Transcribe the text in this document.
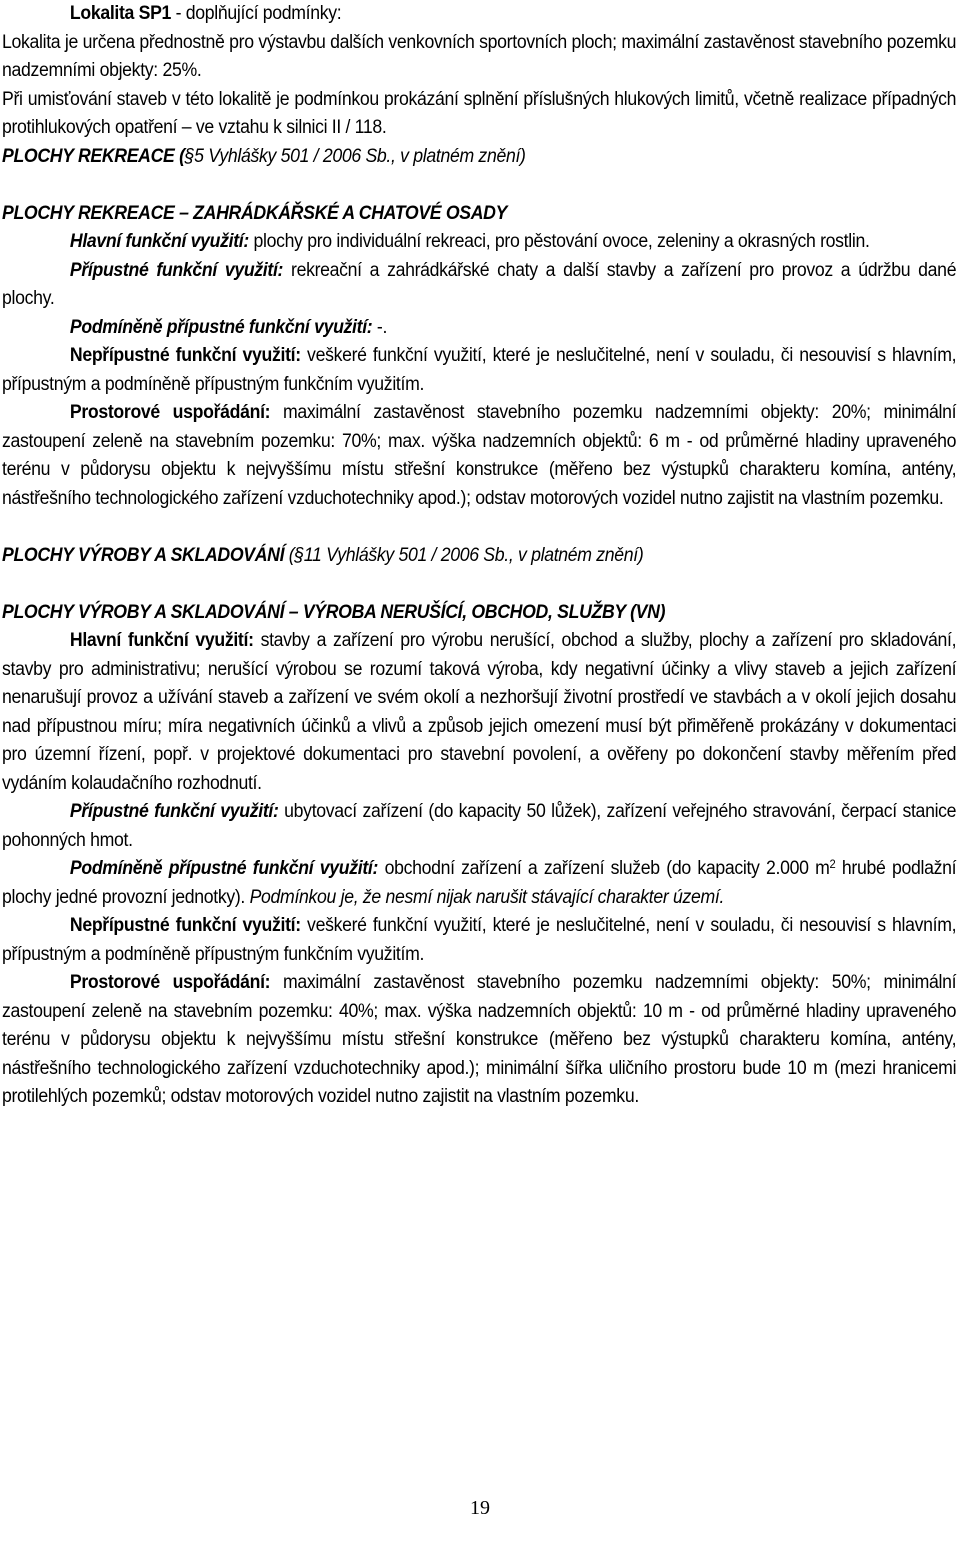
Lokalita SP1 - doplňující podmínky:

Lokalita je určena přednostně pro výstavbu dalších venkovních sportovních ploch; maximální zastavěnost stavebního pozemku nadzemními objekty: 25%.

Při umisťování staveb v této lokalitě je podmínkou prokázání splnění příslušných hlukových limitů, včetně realizace případných protihlukových opatření – ve vztahu k silnici II / 118.

PLOCHY REKREACE (§5 Vyhlášky 501 / 2006 Sb., v platném znění)

PLOCHY REKREACE – ZAHRÁDKÁŘSKÉ A CHATOVÉ OSADY

Hlavní funkční využití: plochy pro individuální rekreaci, pro pěstování ovoce, zeleniny a okrasných rostlin.

Přípustné funkční využití: rekreační a zahrádkářské chaty a další stavby a zařízení pro provoz a údržbu dané plochy.

Podmíněně přípustné funkční využití: -.

Nepřípustné funkční využití: veškeré funkční využití, které je neslučitelné, není v souladu, či nesouvisí s hlavním, přípustným a podmíněně přípustným funkčním využitím.

Prostorové uspořádání: maximální zastavěnost stavebního pozemku nadzemními objekty: 20%; minimální zastoupení zeleně na stavebním pozemku: 70%; max. výška nadzemních objektů: 6 m - od průměrné hladiny upraveného terénu v půdorysu objektu k nejvyššímu místu střešní konstrukce (měřeno bez výstupků charakteru komína, antény, nástřešního technologického zařízení vzduchotechniky apod.); odstav motorových vozidel nutno zajistit na vlastním pozemku.

PLOCHY VÝROBY A SKLADOVÁNÍ (§11 Vyhlášky 501 / 2006 Sb., v platném znění)

PLOCHY VÝROBY A SKLADOVÁNÍ – VÝROBA NERUŠÍCÍ, OBCHOD, SLUŽBY (VN)

Hlavní funkční využití: stavby a zařízení pro výrobu nerušící, obchod a služby, plochy a zařízení pro skladování, stavby pro administrativu; nerušící výrobou se rozumí taková výroba, kdy negativní účinky a vlivy staveb a jejich zařízení nenarušují provoz a užívání staveb a zařízení ve svém okolí a nezhoršují životní prostředí ve stavbách a v okolí jejich dosahu nad přípustnou míru; míra negativních účinků a vlivů a způsob jejich omezení musí být přiměřeně prokázány v dokumentaci pro územní řízení, popř. v projektové dokumentaci pro stavební povolení, a ověřeny po dokončení stavby měřením před vydáním kolaudačního rozhodnutí.

Přípustné funkční využití: ubytovací zařízení (do kapacity 50 lůžek), zařízení veřejného stravování, čerpací stanice pohonných hmot.

Podmíněně přípustné funkční využití: obchodní zařízení a zařízení služeb (do kapacity 2.000 $m^2$ hrubé podlažní plochy jedné provozní jednotky). Podmínkou je, že nesmí nijak narušit stávající charakter území.

Nepřípustné funkční využití: veškeré funkční využití, které je neslučitelné, není v souladu, či nesouvisí s hlavním, přípustným a podmíněně přípustným funkčním využitím.

Prostorové uspořádání: maximální zastavěnost stavebního pozemku nadzemními objekty: 50%; minimální zastoupení zeleně na stavebním pozemku: 40%; max. výška nadzemních objektů: 10 m - od průměrné hladiny upraveného terénu v půdorysu objektu k nejvyššímu místu střešní konstrukce (měřeno bez výstupků charakteru komína, antény, nástřešního technologického zařízení vzduchotechniky apod.); minimální šířka uličního prostoru bude 10 m (mezi hranicemi protilehlých pozemků; odstav motorových vozidel nutno zajistit na vlastním pozemku.

19
